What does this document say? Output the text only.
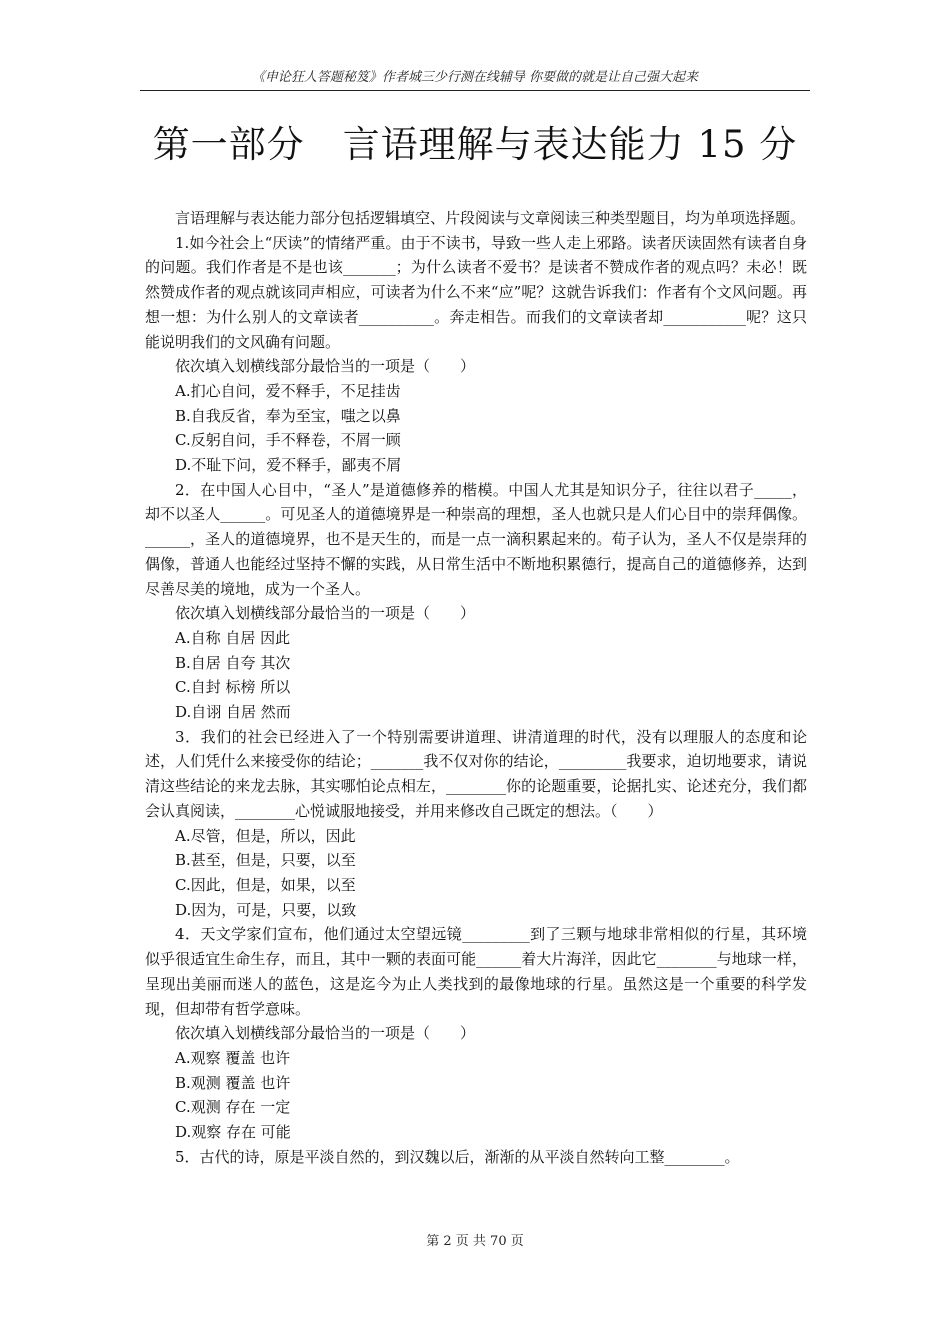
《申论狂人答题秘笈》作者城三少行测在线辅导 你要做的就是让自己强大起来
第一部分 言语理解与表达能力 15 分

言语理解与表达能力部分包括逻辑填空、片段阅读与文章阅读三种类型题目，均为单项选择题。

1.如今社会上“厌读”的情绪严重。由于不读书，导致一些人走上邪路。读者厌读固然有读者自身的问题。我们作者是不是也该_______；为什么读者不爱书？是读者不赞成作者的观点吗？未必！既然赞成作者的观点就该同声相应，可读者为什么不来“应”呢？这就告诉我们：作者有个文风问题。再想一想：为什么别人的文章读者__________。奔走相告。而我们的文章读者却___________呢？这只能说明我们的文风确有问题。

依次填入划横线部分最恰当的一项是（　　）

A.扪心自问，爱不释手，不足挂齿

B.自我反省，奉为至宝，嗤之以鼻

C.反躬自问，手不释卷，不屑一顾

D.不耻下问，爱不释手，鄙夷不屑

2．在中国人心目中，“圣人”是道德修养的楷模。中国人尤其是知识分子，往往以君子_____，却不以圣人______。可见圣人的道德境界是一种崇高的理想，圣人也就只是人们心目中的崇拜偶像。______，圣人的道德境界，也不是天生的，而是一点一滴积累起来的。荀子认为，圣人不仅是崇拜的偶像，普通人也能经过坚持不懈的实践，从日常生活中不断地积累德行，提高自己的道德修养，达到尽善尽美的境地，成为一个圣人。

依次填入划横线部分最恰当的一项是（　　）

A.自称 自居 因此

B.自居 自夸 其次

C.自封 标榜 所以

D.自诩 自居 然而

3．我们的社会已经进入了一个特别需要讲道理、讲清道理的时代，没有以理服人的态度和论述，人们凭什么来接受你的结论；_______我不仅对你的结论，_________我要求，迫切地要求，请说清这些结论的来龙去脉，其实哪怕论点相左，________你的论题重要，论据扎实、论述充分，我们都会认真阅读，________心悦诚服地接受，并用来修改自己既定的想法。（　　）

A.尽管，但是，所以，因此

B.甚至，但是，只要，以至

C.因此，但是，如果，以至

D.因为，可是，只要，以致

4．天文学家们宣布，他们通过太空望远镜_________到了三颗与地球非常相似的行星，其环境似乎很适宜生命生存，而且，其中一颗的表面可能______着大片海洋，因此它________与地球一样，呈现出美丽而迷人的蓝色，这是迄今为止人类找到的最像地球的行星。虽然这是一个重要的科学发现，但却带有哲学意味。

依次填入划横线部分最恰当的一项是（　　）

A.观察 覆盖 也许

B.观测 覆盖 也许

C.观测 存在 一定

D.观察 存在 可能

5．古代的诗，原是平淡自然的，到汉魏以后，渐渐的从平淡自然转向工整________。

第 2 页 共 70 页
